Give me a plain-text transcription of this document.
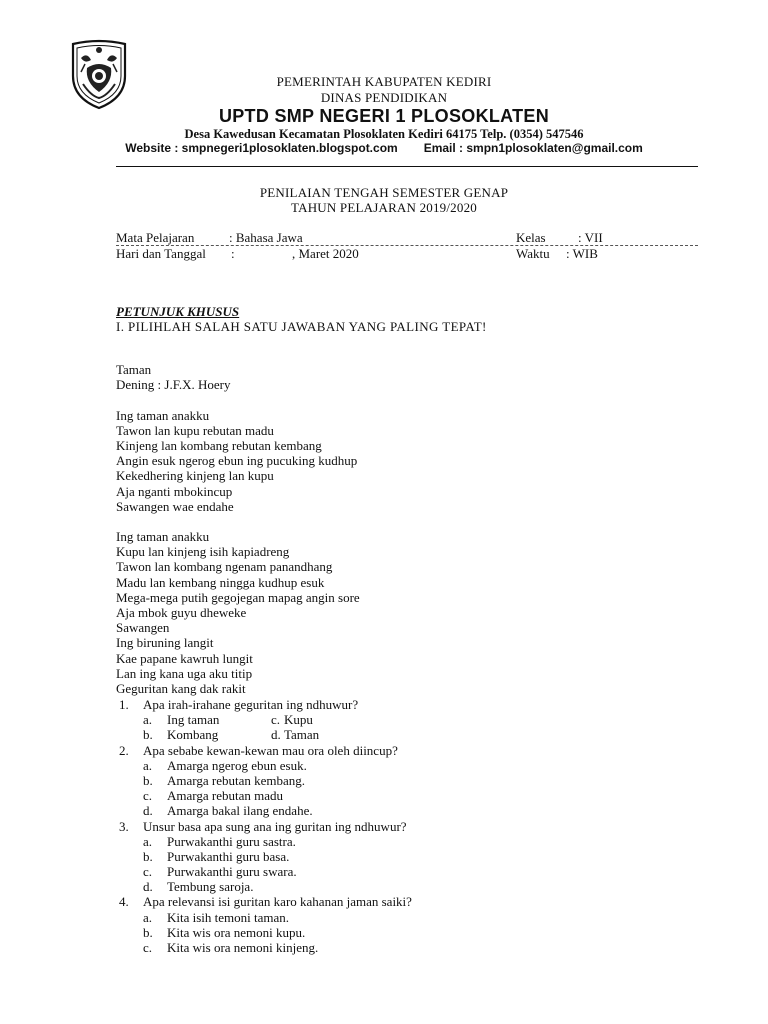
PEMERINTAH KABUPATEN KEDIRI
DINAS PENDIDIKAN
UPTD SMP NEGERI 1 PLOSOKLATEN
Desa Kawedusan Kecamatan Plosoklaten Kediri 64175 Telp. (0354) 547546
Website : smpnegeri1plosoklaten.blogspot.com Email : smpn1plosoklaten@gmail.com
PENILAIAN TENGAH SEMESTER GENAP
TAHUN PELAJARAN 2019/2020
Mata Pelajaran	: Bahasa Jawa	Kelas : VII
Hari dan Tanggal :	, Maret 2020	Waktu : WIB
PETUNJUK KHUSUS
I. PILIHLAH SALAH SATU JAWABAN YANG PALING TEPAT!
Taman
Dening : J.F.X. Hoery
Ing taman anakku
Tawon lan kupu rebutan madu
Kinjeng lan kombang rebutan kembang
Angin esuk ngerog ebun ing pucuking kudhup
Kekedhering kinjeng lan kupu
Aja nganti mbokincup
Sawangen wae endahe
Ing taman anakku
Kupu lan kinjeng isih kapiadreng
Tawon lan kombang ngenam panandhang
Madu lan kembang ningga kudhup esuk
Mega-mega putih gegojegan mapag angin sore
Aja mbok guyu dheweke
Sawangen
Ing biruning langit
Kae papane kawruh lungit
Lan ing kana uga aku titip
Geguritan kang dak rakit
1. Apa irah-irahane geguritan ing ndhuwur?
a. Ing taman	c. Kupu
b. Kombang	d. Taman
2. Apa sebabe kewan-kewan mau ora oleh diincup?
a. Amarga ngerog ebun esuk.
b. Amarga rebutan kembang.
c. Amarga rebutan madu
d. Amarga bakal ilang endahe.
3. Unsur basa apa sung ana ing guritan ing ndhuwur?
a. Purwakanthi guru sastra.
b. Purwakanthi guru basa.
c. Purwakanthi guru swara.
d. Tembung saroja.
4. Apa relevansi isi guritan karo kahanan jaman saiki?
a. Kita isih temoni taman.
b. Kita wis ora nemoni kupu.
c. Kita wis ora nemoni kinjeng.
